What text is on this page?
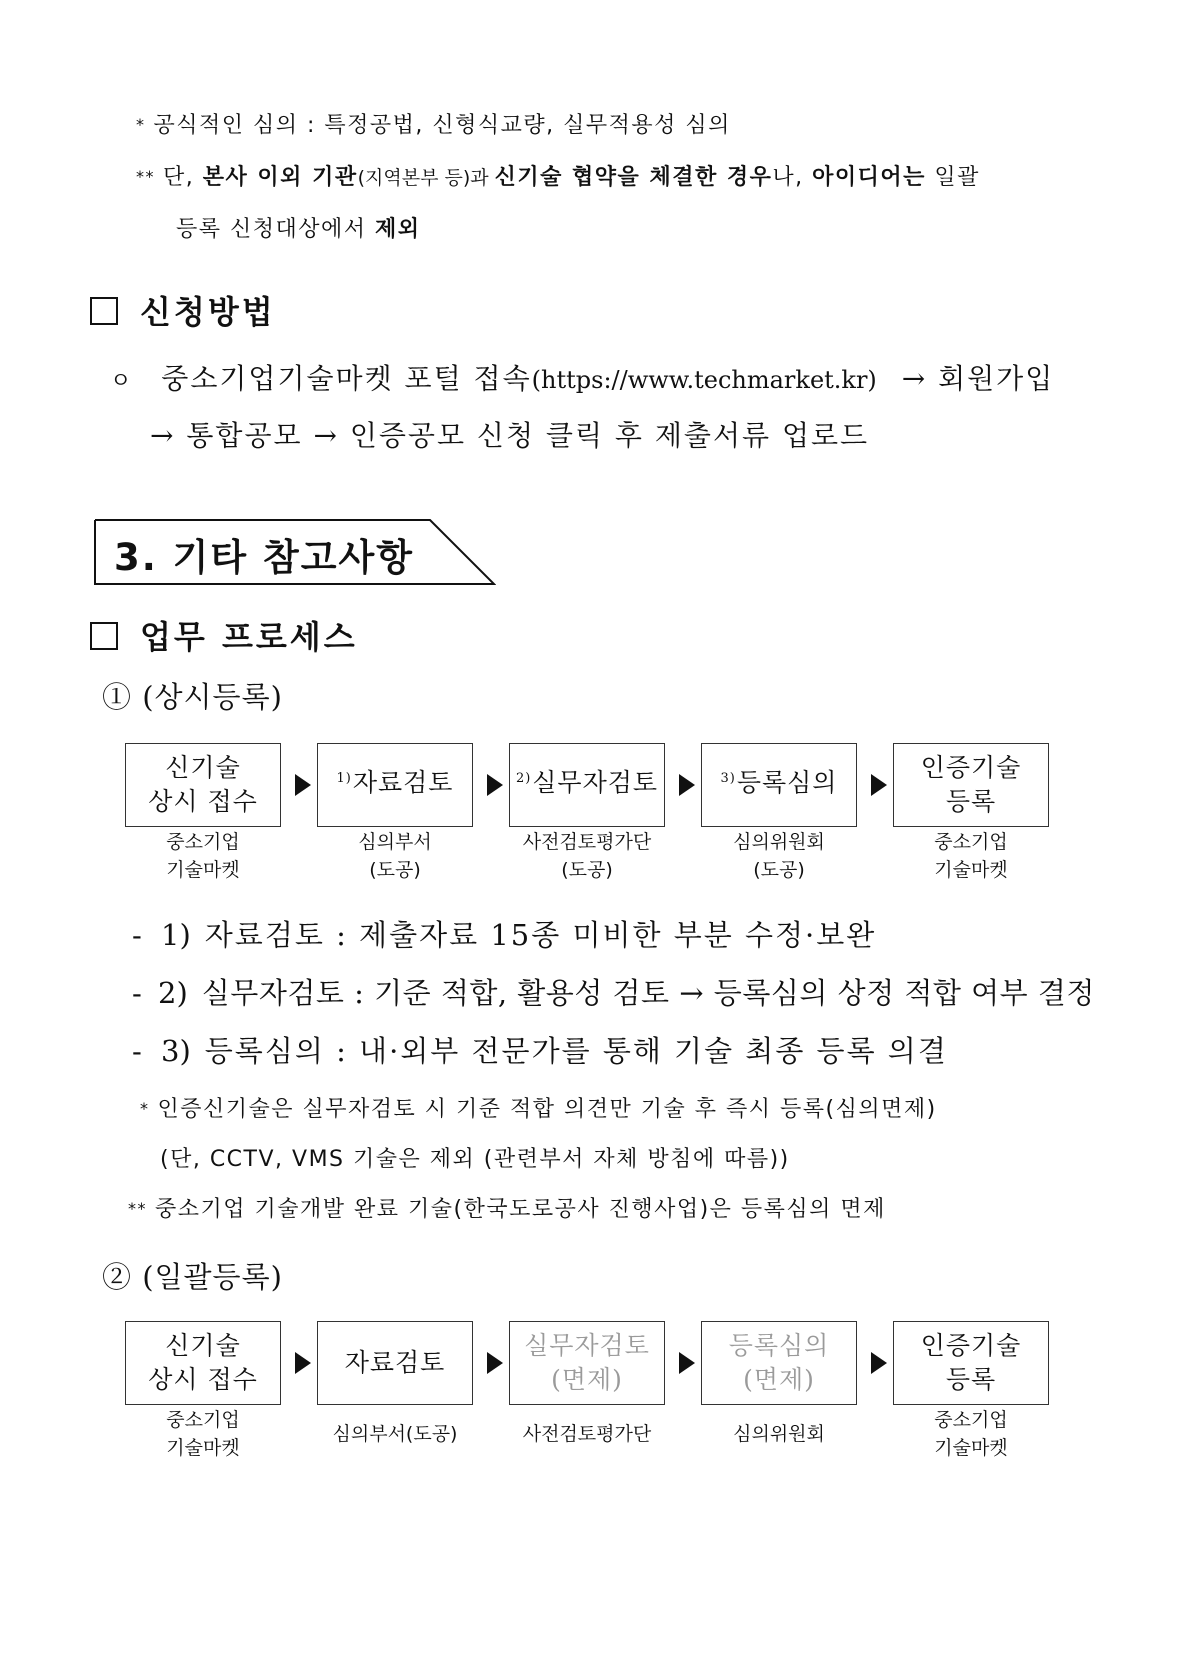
* 공식적인 심의 : 특정공법, 신형식교량, 실무적용성 심의
** 단, 본사 이외 기관(지역본부 등)과 신기술 협약을 체결한 경우나, 아이디어는 일괄
등록 신청대상에서 제외
신청방법
ㅇ 중소기업기술마켓 포털 접속(https://www.techmarket.kr) → 회원가입
→ 통합공모 → 인증공모 신청 클릭 후 제출서류 업로드
3. 기타 참고사항
업무 프로세스
① (상시등록)
신기술
상시 접수
$^{1)}$자료검토	$^{2)}$실무자검토	$^{3)}$등록심의	인증기술
등록
중소기업
기술마켓
심의부서
(도공)
사전검토평가단
(도공)
심의위원회
(도공)
중소기업
기술마켓
- 1) 자료검토 : 제출자료 15종 미비한 부분 수정·보완
- 2) 실무자검토 : 기준 적합, 활용성 검토 → 등록심의 상정 적합 여부 결정
- 3) 등록심의 : 내·외부 전문가를 통해 기술 최종 등록 의결
* 인증신기술은 실무자검토 시 기준 적합 의견만 기술 후 즉시 등록(심의면제)
(단, CCTV, VMS 기술은 제외 (관련부서 자체 방침에 따름))
** 중소기업 기술개발 완료 기술(한국도로공사 진행사업)은 등록심의 면제
② (일괄등록)
신기술
상시 접수
자료검토
실무자검토
(면제)
등록심의
(면제)
인증기술
등록
중소기업
기술마켓
심의부서(도공)	사전검토평가단	심의위원회
중소기업
기술마켓
